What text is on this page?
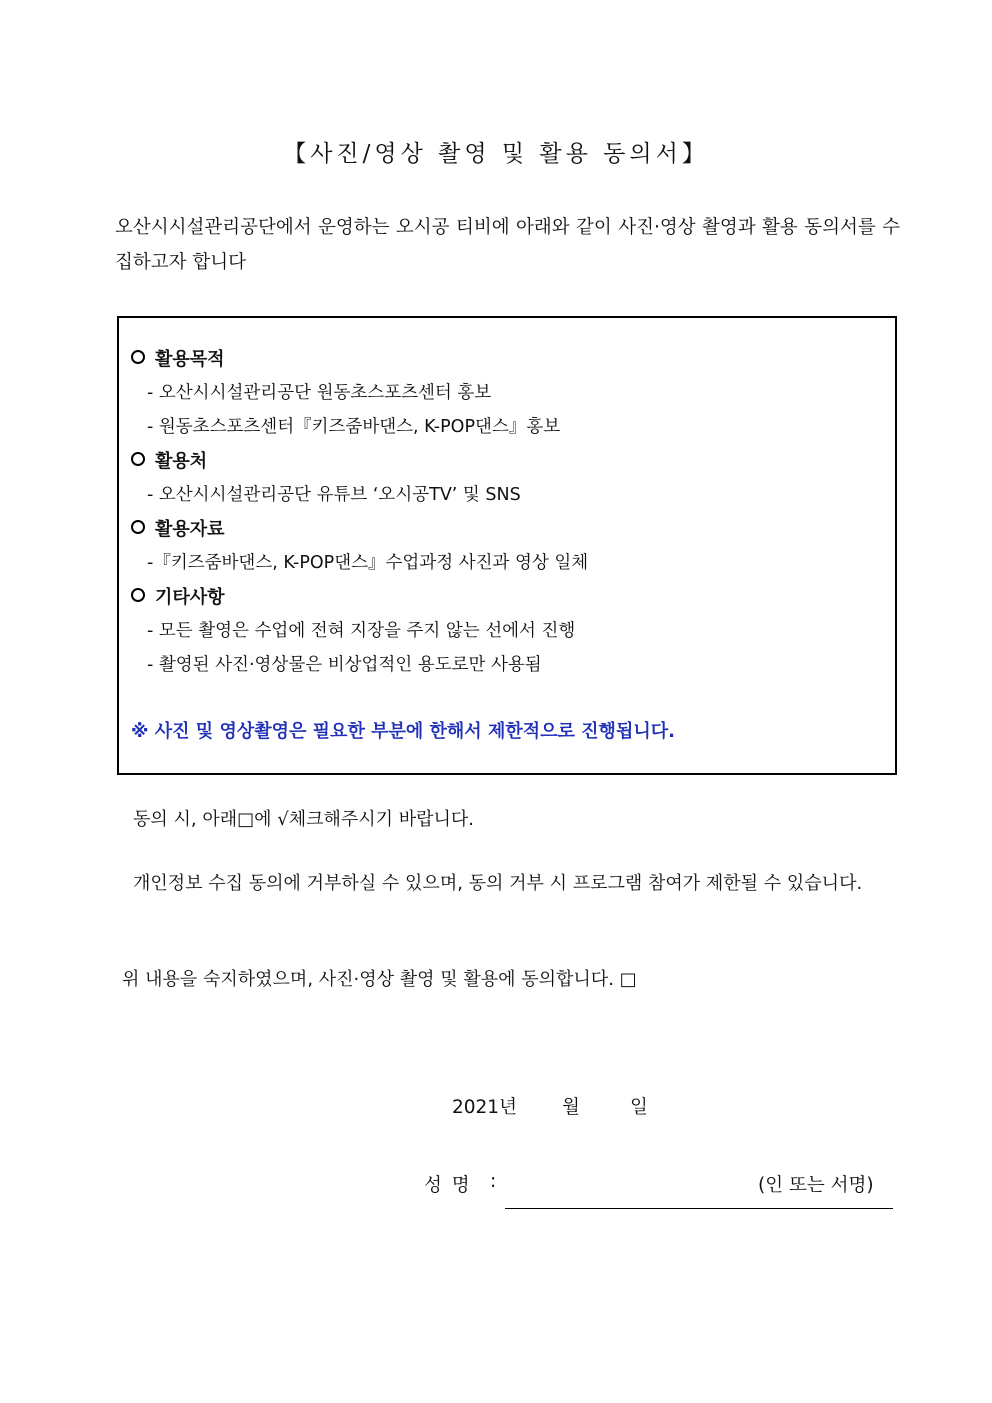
【사진/영상 촬영 및 활용 동의서】
오산시시설관리공단에서 운영하는 오시공 티비에 아래와 같이 사진·영상 촬영과 활용 동의서를 수집하고자 합니다
활용목적
- 오산시시설관리공단 원동초스포츠센터 홍보
- 원동초스포츠센터『키즈줌바댄스, K-POP댄스』홍보
활용처
- 오산시시설관리공단 유튜브 ‘오시공TV’ 및 SNS
활용자료
-『키즈줌바댄스, K-POP댄스』수업과정 사진과 영상 일체
기타사항
- 모든 촬영은 수업에 전혀 지장을 주지 않는 선에서 진행
- 촬영된 사진·영상물은 비상업적인 용도로만 사용됨
※ 사진 및 영상촬영은 필요한 부분에 한해서 제한적으로 진행됩니다.
동의 시, 아래□에 √체크해주시기 바랍니다.
개인정보 수집 동의에 거부하실 수 있으며, 동의 거부 시 프로그램 참여가 제한될 수 있습니다.
위 내용을 숙지하였으며, 사진·영상 촬영 및 활용에 동의합니다. □
2021년 월	일
성 명 :	(인 또는 서명)
